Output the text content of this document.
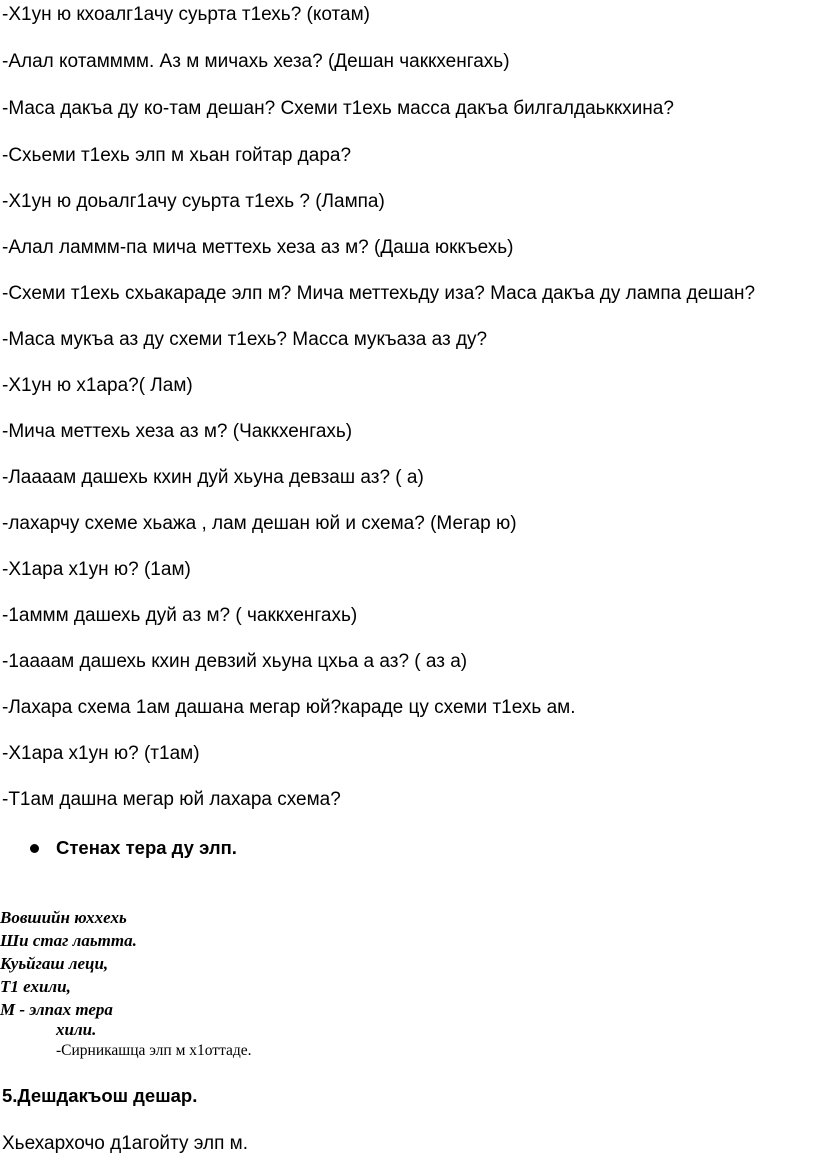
-Х1ун ю кхоалг1ачу суьрта т1ехь? (котам)
-Алал котамммм. Аз м мичахь хеза? (Дешан чаккхенгахь)
-Маса дакъа ду ко-там дешан? Схеми т1ехь масса дакъа билгалдаьккхина?
-Схьеми т1ехь элп м хьан гойтар дара?
-Х1ун ю доьалг1ачу суьрта т1ехь ? (Лампа)
-Алал ламмм-па мича меттехь хеза аз м? (Даша юккъехь)
-Схеми т1ехь схьакараде элп м? Мича меттехьду иза? Маса дакъа ду лампа дешан?
-Маса мукъа аз ду схеми т1ехь? Масса мукъаза аз ду?
-Х1ун ю х1ара?( Лам)
-Мича меттехь хеза аз м? (Чаккхенгахь)
-Лаааам дашехь кхин дуй хьуна девзаш аз? ( а)
-лахарчу схеме хьажа , лам дешан юй и схема? (Мегар ю)
-Х1ара х1ун ю? (1ам)
-1аммм дашехь дуй аз м? ( чаккхенгахь)
-1аааам дашехь кхин девзий хьуна цхьа а аз? ( аз а)
-Лахара схема 1ам дашана мегар юй?караде цу схеми т1ехь ам.
-Х1ара х1ун ю? (т1ам)
-Т1ам дашна мегар юй лахара схема?
Стенах тера ду элп.
Вовшийн юххехь
Ши стаг лаьтта.
Куьйгаш леци,
Т1 ехили,
М - элпах тера
хили.
-Сирникашца элп м х1оттаде.
5.Дешдакъош дешар.
Хьехархочо д1агойту элп м.
